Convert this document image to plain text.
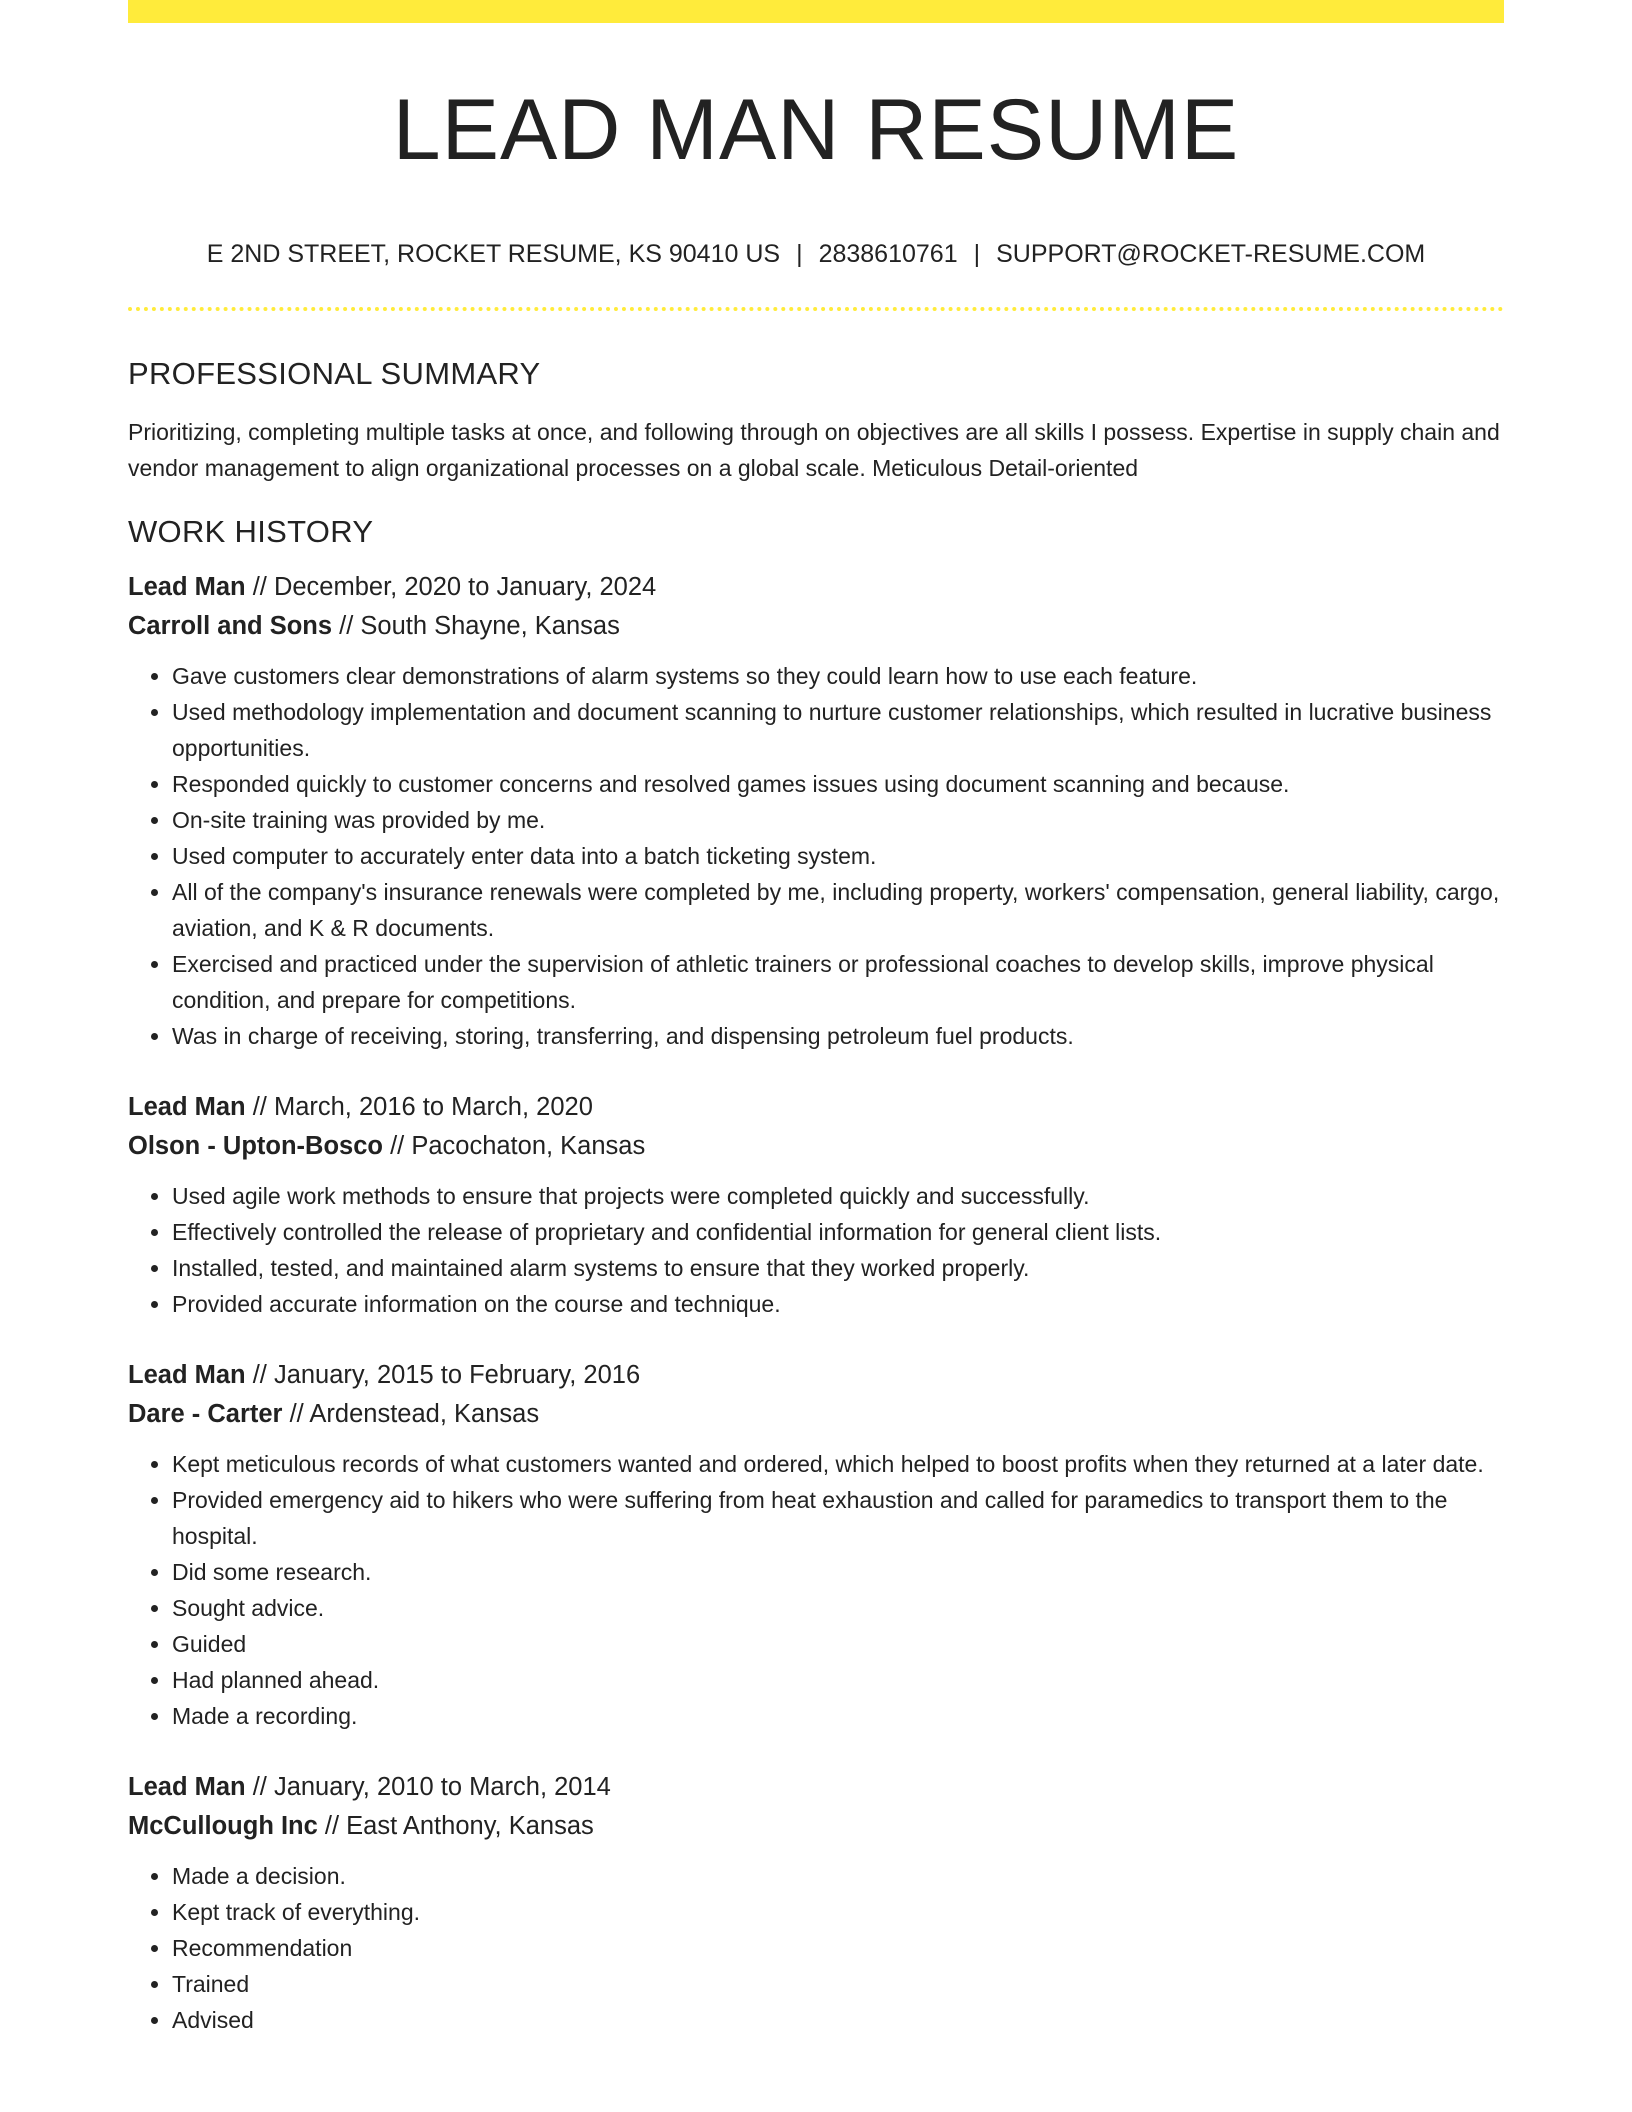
LEAD MAN RESUME
E 2ND STREET, ROCKET RESUME, KS 90410 US | 2838610761 | SUPPORT@ROCKET-RESUME.COM
PROFESSIONAL SUMMARY

Prioritizing, completing multiple tasks at once, and following through on objectives are all skills I possess. Expertise in supply chain and vendor management to align organizational processes on a global scale. Meticulous Detail-oriented

WORK HISTORY
Lead Man // December, 2020 to January, 2024
Carroll and Sons // South Shayne, Kansas
• Gave customers clear demonstrations of alarm systems so they could learn how to use each feature.
• Used methodology implementation and document scanning to nurture customer relationships, which resulted in lucrative business opportunities.
• Responded quickly to customer concerns and resolved games issues using document scanning and because.
• On-site training was provided by me.
• Used computer to accurately enter data into a batch ticketing system.
• All of the company's insurance renewals were completed by me, including property, workers' compensation, general liability, cargo, aviation, and K & R documents.
• Exercised and practiced under the supervision of athletic trainers or professional coaches to develop skills, improve physical condition, and prepare for competitions.
• Was in charge of receiving, storing, transferring, and dispensing petroleum fuel products.
Lead Man // March, 2016 to March, 2020
Olson - Upton-Bosco // Pacochaton, Kansas
• Used agile work methods to ensure that projects were completed quickly and successfully.
• Effectively controlled the release of proprietary and confidential information for general client lists.
• Installed, tested, and maintained alarm systems to ensure that they worked properly.
• Provided accurate information on the course and technique.
Lead Man // January, 2015 to February, 2016
Dare - Carter // Ardenstead, Kansas
• Kept meticulous records of what customers wanted and ordered, which helped to boost profits when they returned at a later date.
• Provided emergency aid to hikers who were suffering from heat exhaustion and called for paramedics to transport them to the hospital.
• Did some research.
• Sought advice.
• Guided
• Had planned ahead.
• Made a recording.
Lead Man // January, 2010 to March, 2014
McCullough Inc // East Anthony, Kansas
• Made a decision.
• Kept track of everything.
• Recommendation
• Trained
• Advised
